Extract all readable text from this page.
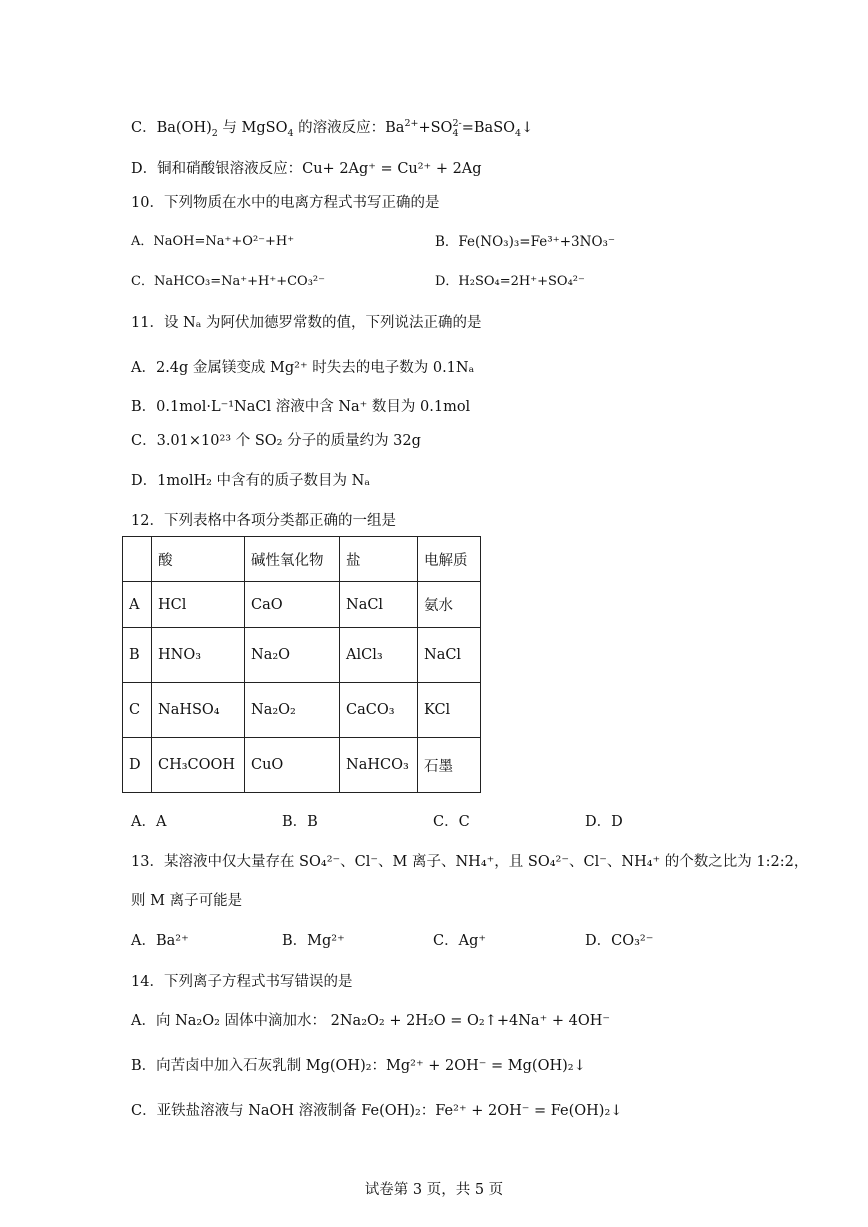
C．$Ba(OH)_2$ 与 MgSO$_4$ 的溶液反应：$Ba^{2+}+SO_4^{2-}=BaSO_4↓$
D．铜和硝酸银溶液反应：Cu+ 2Ag⁺ = Cu²⁺ + 2Ag
10．下列物质在水中的电离方程式书写正确的是
A．NaOH=Na⁺+O²⁻+H⁺	B．Fe(NO₃)₃=Fe³⁺+3NO₃⁻
C．NaHCO₃=Na⁺+H⁺+CO₃²⁻	D．H₂SO₄=2H⁺+SO₄²⁻
11．设 Nₐ 为阿伏加德罗常数的值，下列说法正确的是
A．2.4g 金属镁变成 Mg²⁺ 时失去的电子数为 0.1Nₐ
B．0.1mol·L⁻¹NaCl 溶液中含 Na⁺ 数目为 0.1mol
C．3.01×10²³ 个 SO₂ 分子的质量约为 32g
D．1molH₂ 中含有的质子数目为 Nₐ
12．下列表格中各项分类都正确的一组是
	酸	碱性氧化物	盐	电解质
A	HCl	CaO	NaCl	氨水
B	HNO₃	Na₂O	AlCl₃	NaCl
C	NaHSO₄	Na₂O₂	CaCO₃	KCl
D	CH₃COOH	CuO	NaHCO₃	石墨
A．A	B．B	C．C	D．D
13．某溶液中仅大量存在 SO₄²⁻、Cl⁻、M 离子、NH₄⁺，且 SO₄²⁻、Cl⁻、NH₄⁺ 的个数之比为 1:2:2，
则 M 离子可能是
A．Ba²⁺	B．Mg²⁺	C．Ag⁺	D．CO₃²⁻
14．下列离子方程式书写错误的是
A．向 Na₂O₂ 固体中滴加水： 2Na₂O₂ + 2H₂O = O₂↑+4Na⁺ + 4OH⁻
B．向苦卤中加入石灰乳制 Mg(OH)₂：Mg²⁺ + 2OH⁻ = Mg(OH)₂↓
C．亚铁盐溶液与 NaOH 溶液制备 Fe(OH)₂：Fe²⁺ + 2OH⁻ = Fe(OH)₂↓
试卷第 3 页，共 5 页
